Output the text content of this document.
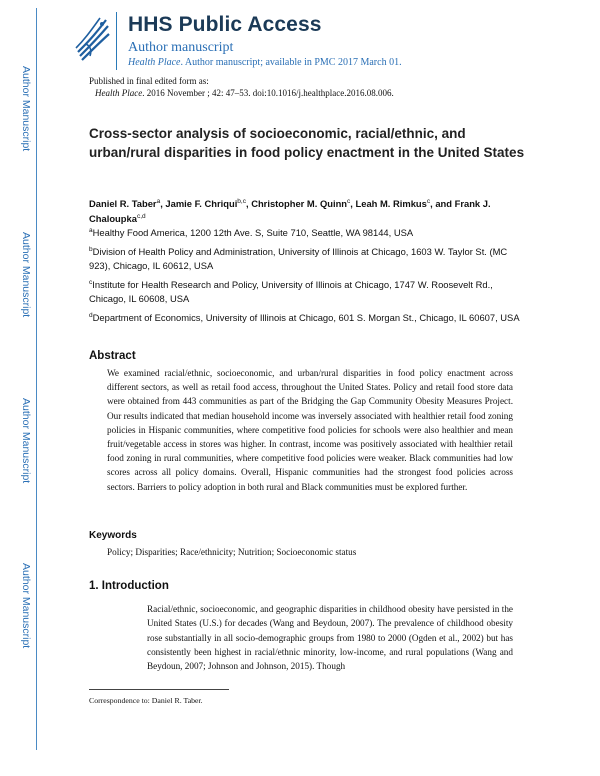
HHS Public Access
Author manuscript
Health Place. Author manuscript; available in PMC 2017 March 01.
Author Manuscript
Author Manuscript
Author Manuscript
Author Manuscript
Published in final edited form as:
Health Place. 2016 November ; 42: 47–53. doi:10.1016/j.healthplace.2016.08.006.
Cross-sector analysis of socioeconomic, racial/ethnic, and urban/rural disparities in food policy enactment in the United States
Daniel R. Taber$^a$, Jamie F. Chriqui$^{b,c}$, Christopher M. Quinn$^c$, Leah M. Rimkus$^c$, and Frank J. Chaloupka$^{c,d}$
$^a$Healthy Food America, 1200 12th Ave. S, Suite 710, Seattle, WA 98144, USA
$^b$Division of Health Policy and Administration, University of Illinois at Chicago, 1603 W. Taylor St. (MC 923), Chicago, IL 60612, USA
$^c$Institute for Health Research and Policy, University of Illinois at Chicago, 1747 W. Roosevelt Rd., Chicago, IL 60608, USA
$^d$Department of Economics, University of Illinois at Chicago, 601 S. Morgan St., Chicago, IL 60607, USA
Abstract
We examined racial/ethnic, socioeconomic, and urban/rural disparities in food policy enactment across different sectors, as well as retail food access, throughout the United States. Policy and retail food store data were obtained from 443 communities as part of the Bridging the Gap Community Obesity Measures Project. Our results indicated that median household income was inversely associated with healthier retail food zoning policies in Hispanic communities, where competitive food policies for schools were also healthier and mean fruit/vegetable access in stores was higher. In contrast, income was positively associated with healthier retail food zoning in rural communities, where competitive food policies were weaker. Black communities had low scores across all policy domains. Overall, Hispanic communities had the strongest food policies across sectors. Barriers to policy adoption in both rural and Black communities must be explored further.
Keywords
Policy; Disparities; Race/ethnicity; Nutrition; Socioeconomic status
1. Introduction
Racial/ethnic, socioeconomic, and geographic disparities in childhood obesity have persisted in the United States (U.S.) for decades (Wang and Beydoun, 2007). The prevalence of childhood obesity rose substantially in all socio-demographic groups from 1980 to 2000 (Ogden et al., 2002) but has consistently been highest in racial/ethnic minority, low-income, and rural populations (Wang and Beydoun, 2007; Johnson and Johnson, 2015). Though
Correspondence to: Daniel R. Taber.
